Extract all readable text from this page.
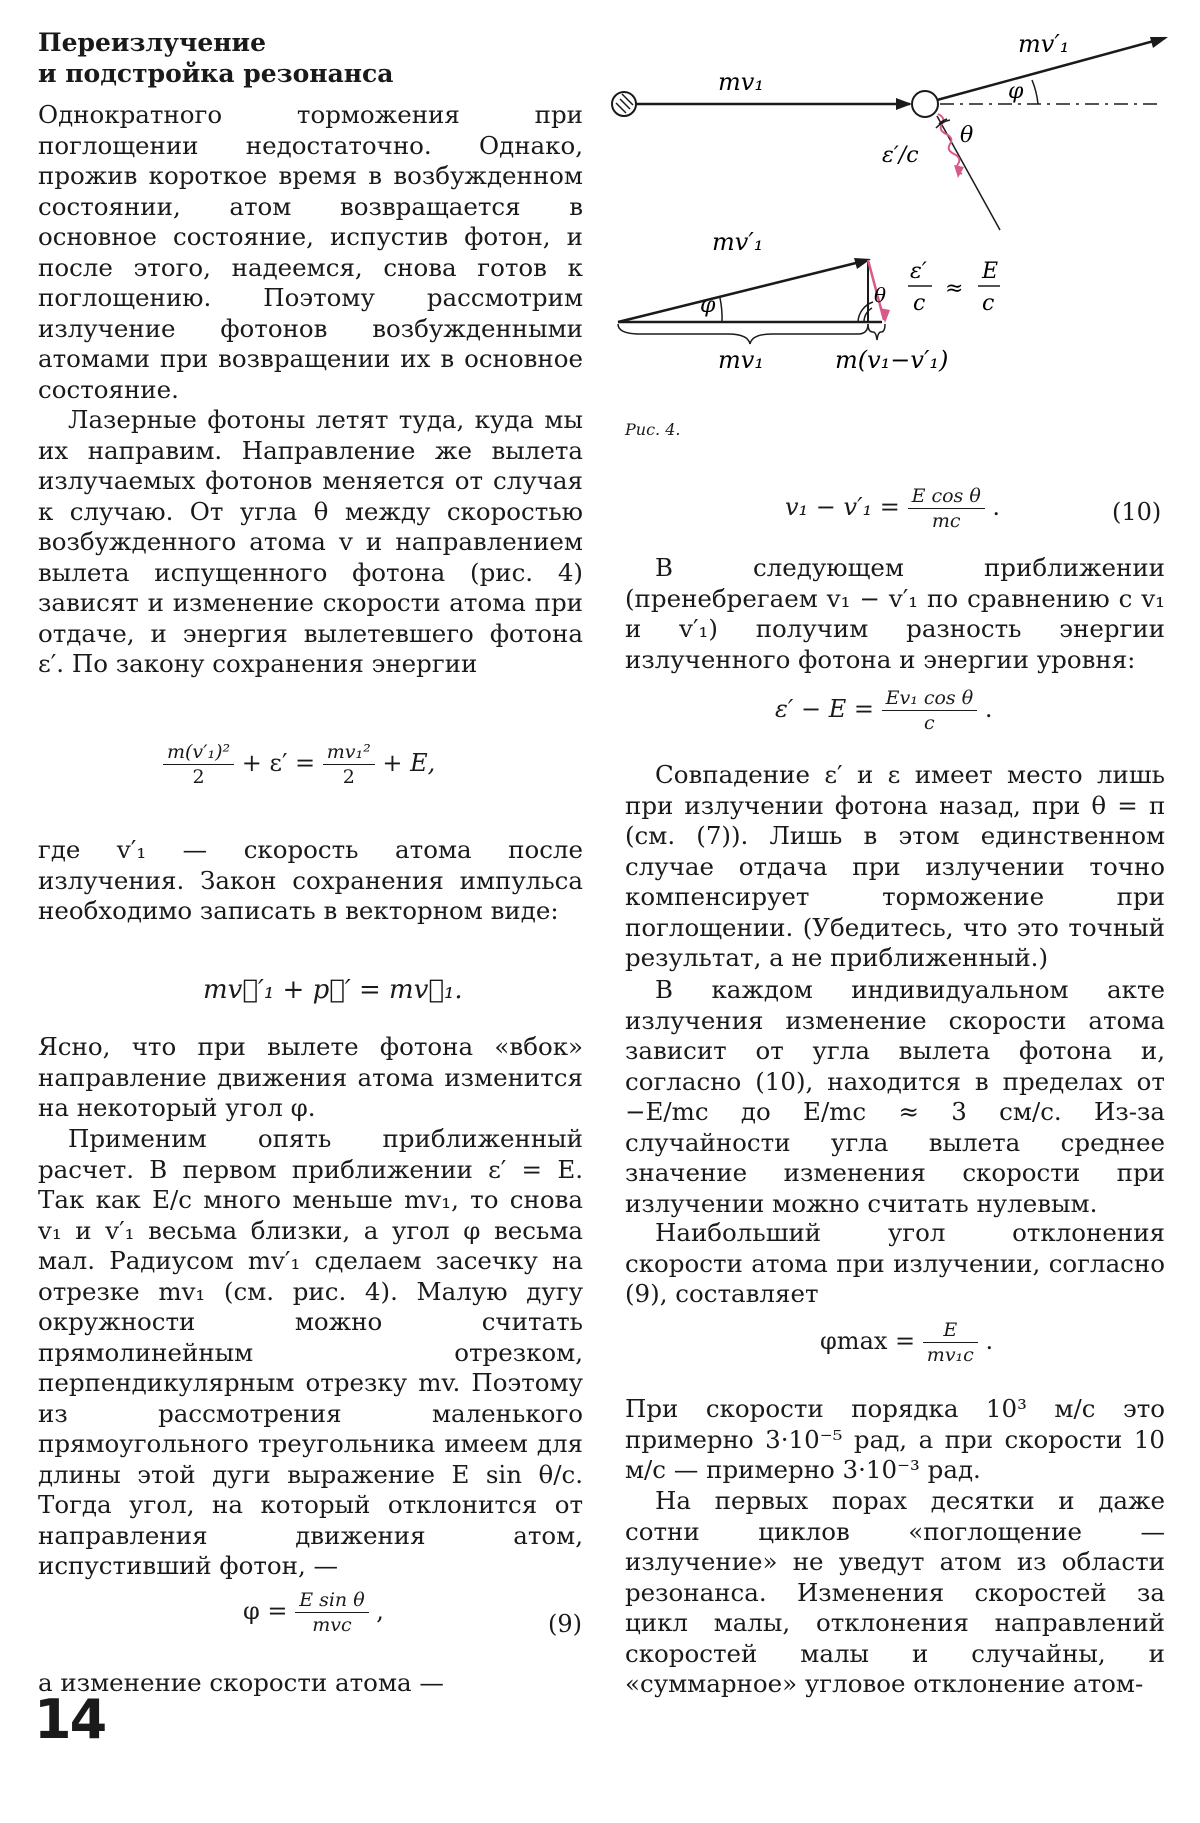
Переизлучение
и подстройка резонанса

Однократного торможения при поглощении недостаточно. Однако, прожив короткое время в возбужденном состоянии, атом возвращается в основное состояние, испустив фотон, и после этого, надеемся, снова готов к поглощению. Поэтому рассмотрим излучение фотонов возбужденными атомами при возвращении их в основное состояние.

Лазерные фотоны летят туда, куда мы их направим. Направление же вылета излучаемых фотонов меняется от случая к случаю. От угла θ между скоростью возбужденного атома v и направлением вылета испущенного фотона (рис. 4) зависят и изменение скорости атома при отдаче, и энергия вылетевшего фотона ε′. По закону сохранения энергии

$\frac{\text{m(v′₁)²}}{2} + \varepsilon' = \frac{\text{mv₁²}}{2} + E$,

где v′₁ — скорость атома после излучения. Закон сохранения импульса необходимо записать в векторном виде:

mv⃗′₁ + p⃗′ = mv⃗₁.

Ясно, что при вылете фотона «вбок» направление движения атома изменится на некоторый угол φ.

Применим опять приближенный расчет. В первом приближении ε′ = E. Так как E/c много меньше mv₁, то снова v₁ и v′₁ весьма близки, а угол φ весьма мал. Радиусом mv′₁ сделаем засечку на отрезке mv₁ (см. рис. 4). Малую дугу окружности можно считать прямолинейным отрезком, перпендикулярным отрезку mv. Поэтому из рассмотрения маленького прямоугольного треугольника имеем для длины этой дуги выражение E sin θ/c. Тогда угол, на который отклонится от направления движения атом, испустивший фотон, —

$\varphi = \frac{\text{E sin θ}}{\text{mvc}}$ ,	(9)

а изменение скорости атома —

mv₁
mv′₁
φ
θ
ε′/c
mv′₁
φ	θ
ε′
c
≈
E
c
mv₁	m(v₁−v′₁)
Рис. 4.
$v_1 - v'_1 = \frac{\text{E cos θ}}{mc}$ .	(10)

В следующем приближении (пренебрегаем v₁ − v′₁ по сравнению с v₁ и v′₁) получим разность энергии излученного фотона и энергии уровня:

$\varepsilon' - E = \frac{\text{Ev₁ cos θ}}{c}$ .

Совпадение ε′ и ε имеет место лишь при излучении фотона назад, при θ = π (см. (7)). Лишь в этом единственном случае отдача при излучении точно компенсирует торможение при поглощении. (Убедитесь, что это точный результат, а не приближенный.)

В каждом индивидуальном акте излучения изменение скорости атома зависит от угла вылета фотона и, согласно (10), находится в пределах от −E/mc до E/mc ≈ 3 см/с. Из-за случайности угла вылета среднее значение изменения скорости при излучении можно считать нулевым.

Наибольший угол отклонения скорости атома при излучении, согласно (9), составляет

$\varphi\max = \frac{E}{\text{mv₁c}}$ .

При скорости порядка 10³ м/с это примерно 3·10⁻⁵ рад, а при скорости 10 м/с — примерно 3·10⁻³ рад.

На первых порах десятки и даже сотни циклов «поглощение — излучение» не уведут атом из области резонанса. Изменения скоростей за цикл малы, отклонения направлений скоростей малы и случайны, и «суммарное» угловое отклонение атом-

14
